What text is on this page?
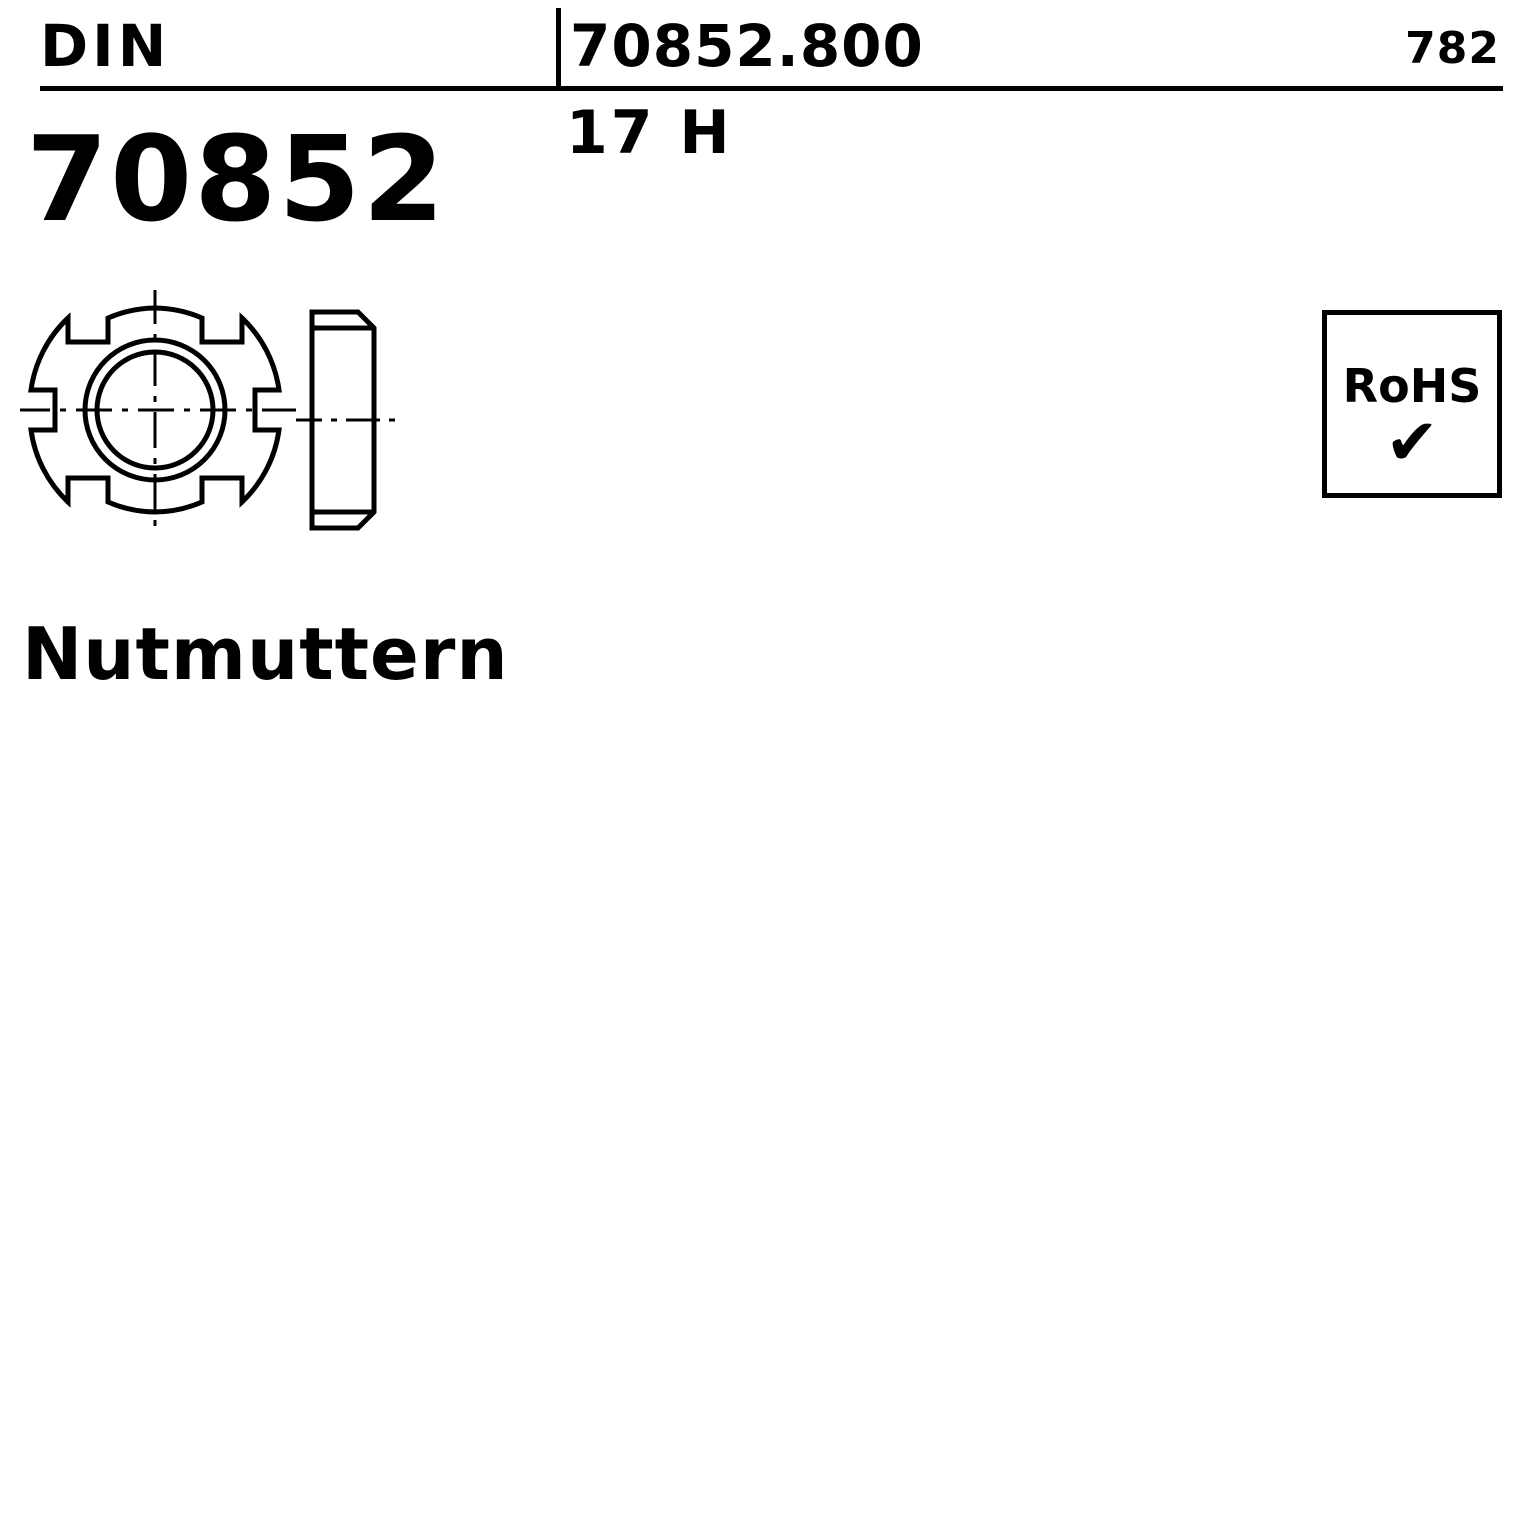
DIN	70852.800	782
70852 17 H
RoHS
✔
Nutmuttern
